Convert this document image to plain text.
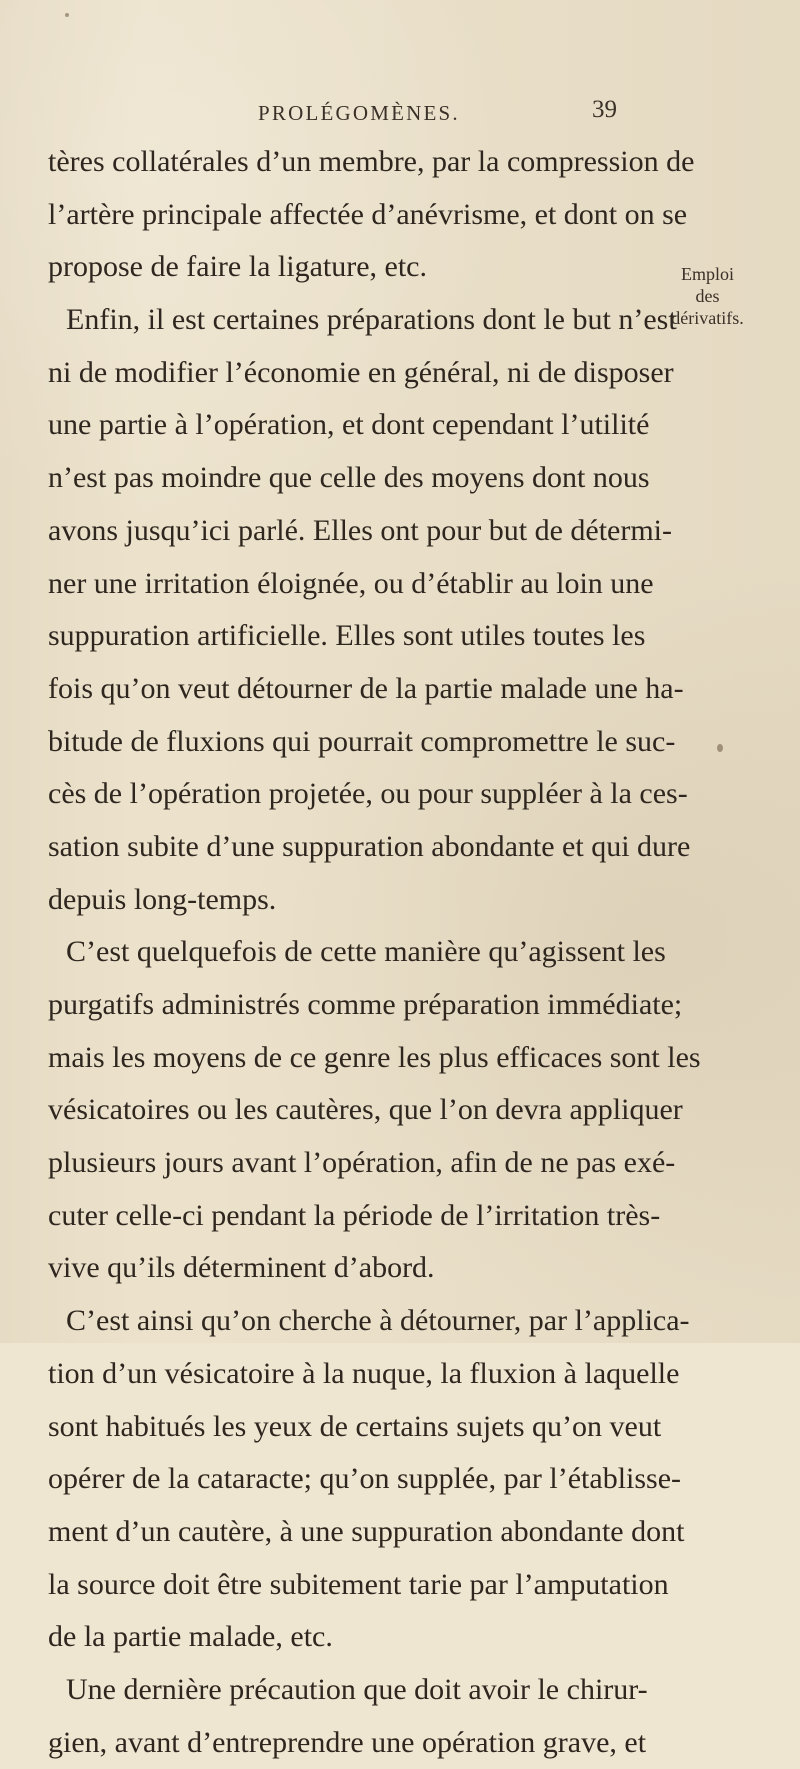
PROLÉGOMÈNES.	39
tères collatérales d’un membre, par la compression de
l’artère principale affectée d’anévrisme, et dont on se
propose de faire la ligature, etc.
Enfin, il est certaines préparations dont le but n’est
ni de modifier l’économie en général, ni de disposer
une partie à l’opération, et dont cependant l’utilité
n’est pas moindre que celle des moyens dont nous
avons jusqu’ici parlé. Elles ont pour but de détermi-
ner une irritation éloignée, ou d’établir au loin une
suppuration artificielle. Elles sont utiles toutes les
fois qu’on veut détourner de la partie malade une ha-
bitude de fluxions qui pourrait compromettre le suc-
cès de l’opération projetée, ou pour suppléer à la ces-
sation subite d’une suppuration abondante et qui dure
depuis long-temps.
C’est quelquefois de cette manière qu’agissent les
purgatifs administrés comme préparation immédiate;
mais les moyens de ce genre les plus efficaces sont les
vésicatoires ou les cautères, que l’on devra appliquer
plusieurs jours avant l’opération, afin de ne pas exé-
cuter celle-ci pendant la période de l’irritation très-
vive qu’ils déterminent d’abord.
C’est ainsi qu’on cherche à détourner, par l’applica-
tion d’un vésicatoire à la nuque, la fluxion à laquelle
sont habitués les yeux de certains sujets qu’on veut
opérer de la cataracte; qu’on supplée, par l’établisse-
ment d’un cautère, à une suppuration abondante dont
la source doit être subitement tarie par l’amputation
de la partie malade, etc.
Une dernière précaution que doit avoir le chirur-
gien, avant d’entreprendre une opération grave, et
Emploi
des
dérivatifs.
